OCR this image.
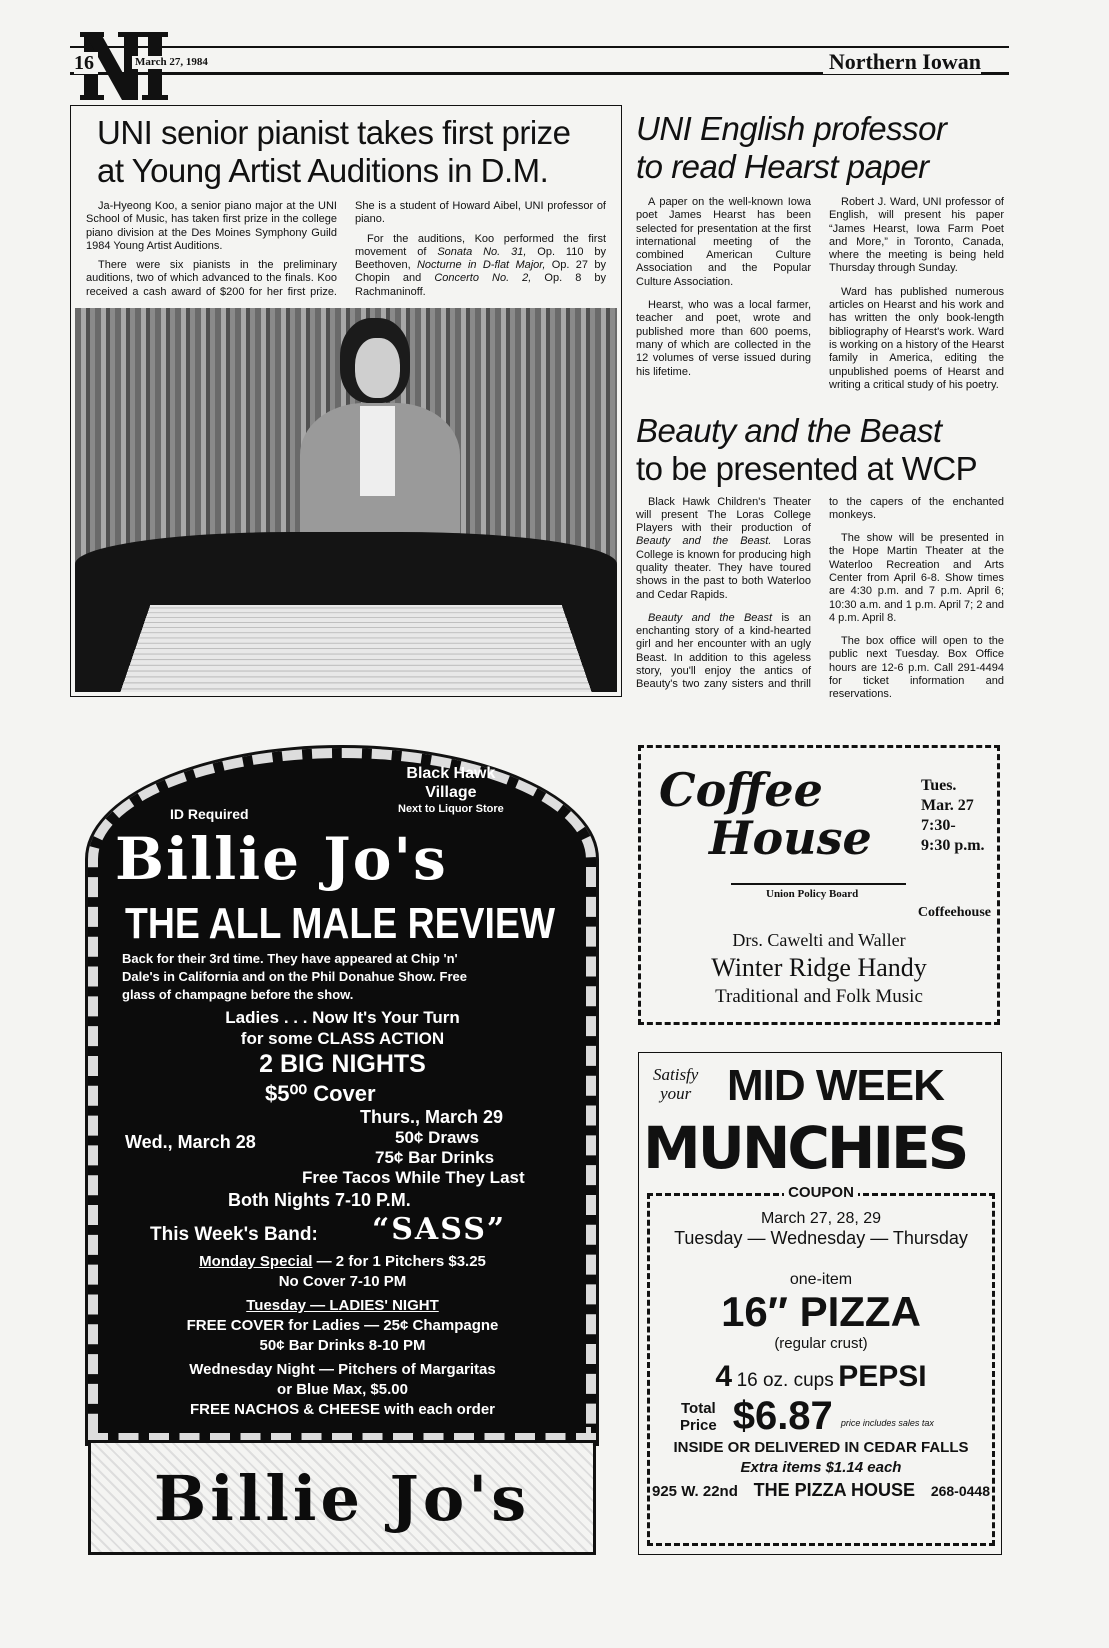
16	March 27, 1984	Northern Iowan
UNI senior pianist takes first prize
at Young Artist Auditions in D.M.

Ja-Hyeong Koo, a senior piano major at the UNI School of Music, has taken first prize in the college piano division at the Des Moines Symphony Guild 1984 Young Artist Auditions.

There were six pianists in the preliminary auditions, two of which advanced to the finals. Koo received a cash award of $200 for her first prize. She is a student of Howard Aibel, UNI professor of piano.

For the auditions, Koo performed the first movement of Sonata No. 31, Op. 110 by Beethoven, Nocturne in D-flat Major, Op. 27 by Chopin and Concerto No. 2, Op. 8 by Rachmaninoff.

UNI English professor
to read Hearst paper

A paper on the well-known Iowa poet James Hearst has been selected for presentation at the first international meeting of the combined American Culture Association and the Popular Culture Association.

Hearst, who was a local farmer, teacher and poet, wrote and published more than 600 poems, many of which are collected in the 12 volumes of verse issued during his lifetime.

Robert J. Ward, UNI professor of English, will present his paper “James Hearst, Iowa Farm Poet and More,” in Toronto, Canada, where the meeting is being held Thursday through Sunday.

Ward has published numerous articles on Hearst and his work and has written the only book-length bibliography of Hearst's work. Ward is working on a history of the Hearst family in America, editing the unpublished poems of Hearst and writing a critical study of his poetry.

Beauty and the Beast
to be presented at WCP

Black Hawk Children's Theater will present The Loras College Players with their production of Beauty and the Beast. Loras College is known for producing high quality theater. They have toured shows in the past to both Waterloo and Cedar Rapids.

Beauty and the Beast is an enchanting story of a kind-hearted girl and her encounter with an ugly Beast. In addition to this ageless story, you'll enjoy the antics of Beauty's two zany sisters and thrill to the capers of the enchanted monkeys.

The show will be presented in the Hope Martin Theater at the Waterloo Recreation and Arts Center from April 6-8. Show times are 4:30 p.m. and 7 p.m. April 6; 10:30 a.m. and 1 p.m. April 7; 2 and 4 p.m. April 8.

The box office will open to the public next Tuesday. Box Office hours are 12-6 p.m. Call 291-4494 for ticket information and reservations.

Black Hawk
Village
Next to Liquor Store
ID Required
Billie Jo's
THE ALL MALE REVIEW
Back for their 3rd time. They have appeared at Chip 'n'
Dale's in California and on the Phil Donahue Show. Free
glass of champagne before the show.
Ladies . . . Now It's Your Turn
for some CLASS ACTION
2 BIG NIGHTS
$5⁰⁰ Cover
Thurs., March 29
Wed., March 28	50¢ Draws
75¢ Bar Drinks
Free Tacos While They Last
Both Nights 7-10 P.M.
This Week's Band: “SASS”
Monday Special — 2 for 1 Pitchers $3.25
No Cover 7-10 PM
Tuesday — LADIES' NIGHT
FREE COVER for Ladies — 25¢ Champagne
50¢ Bar Drinks 8-10 PM
Wednesday Night — Pitchers of Margaritas
or Blue Max, $5.00
FREE NACHOS & CHEESE with each order
Billie Jo's
Coffee
House
Union Policy Board
Tues.
Mar. 27
7:30-
9:30 p.m.
Coffeehouse
Drs. Cawelti and Waller
Winter Ridge Handy
Traditional and Folk Music
Satisfy
your MID WEEK
MUNCHIES
COUPON
March 27, 28, 29
Tuesday — Wednesday — Thursday
one-item
16″ PIZZA
(regular crust)
4 16 oz. cups PEPSI
Total
Price $6.87 price includes sales tax
INSIDE OR DELIVERED IN CEDAR FALLS
Extra items $1.14 each
925 W. 22nd THE PIZZA HOUSE 268-0448
